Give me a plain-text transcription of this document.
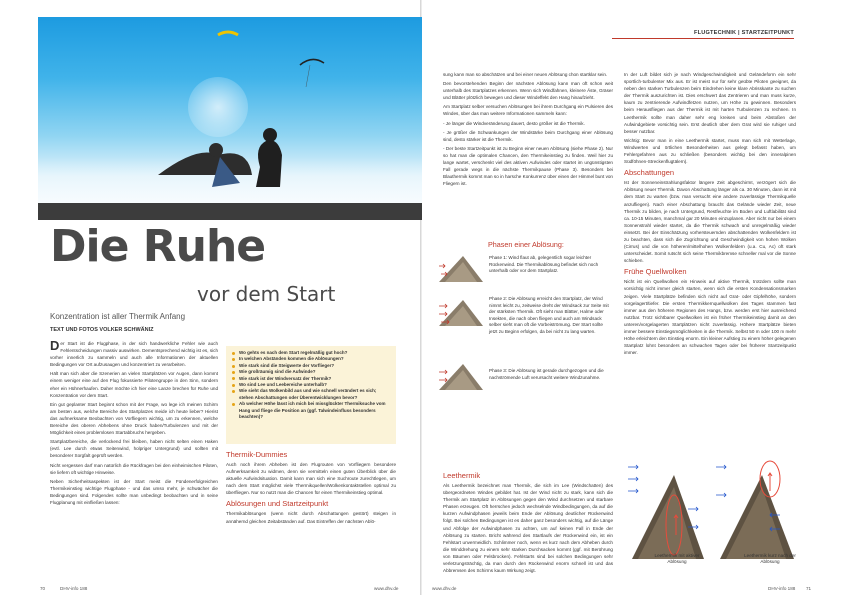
Die Ruhe
vor dem Start
Konzentration ist aller Thermik Anfang
TEXT UND FOTOS VOLKER SCHWÄNIZ

Der Start ist die Flugphase, in der sich handwerkliche Fehler wie auch Fehlentscheidungen massiv auswirken. Dementsprechend wichtig ist es, sich vorher innerlich zu sammeln und auch alle Informationen der aktuellen Bedingungen vor Ort aufzusaugen und konzentriert zu verarbeiten.

Hält man sich aber die Szenerien an vielen Startplätzen vor Augen, dann kommt einem weniger eine auf den Flug fokussierte Pilotengruppe in den Sinn, sondern eher ein Hühnerhaufen. Daher möchte ich hier eine Lanze brechen für Ruhe und Konzentration vor dem Start.

Ein gut geplanter Start beginnt schon mit der Frage, wo lege ich meinen Schirm am besten aus, welche Bereiche des Startplatzes meide ich heute lieber? Hierist das aufmerksame Beobachten von Vorfliegern wichtig, um zu erkennen, welche Bereiche des oberen Abhebens ohne Druck haben/Turbulenzen und mit der Möglichkeit eines problemlosen Startabbruchs hergeben.

Startplatzbereiche, die verlockend frei bleiben, haben nicht selten einen Haken (evtl. Lee durch etwas Seitenwind, holpriger Untergrund) und sollten mit besonderer Sorgfalt geprüft werden.

Nicht vergessen darf man natürlich die Rückfragen bei den einheimischen Piloten, sie liefern oft wichtige Hinweise.

Neben Sicherheitsaspekten ist der Start meist die Fündenerfolgreichen Thermikeinstieg wichtige Flugphase - und das umso mehr, je schwächer die Bedingungen sind. Folgendes sollte man unbedingt beobachten und in seine Flugplanung mit einfließen lassen:

Wo gehts es nach dem Start regelmäßig gut hoch?
In welchen Abständen kommen die Ablösungen?
Wie stark sind die Steigwerte der Vorflieger?
Wie großräumig sind die Aufwinde?
Wie stark ist der Windversatz der Thermik?
Wo sind Lee und Leebereiche unterhalb?
Wie sieht das Wolkenbild aus und wie schnell verändert es sich; stehen Abschattungen oder Überentwicklungen bevor?
Ab welcher Höhe lässt ich mich bei missglückter Thermiksuche vom Hang und fliege die Position an (ggf. Talwindeinfluss besonders beachten)?
Thermik-Dummies

Auch noch ihrem Abheben ist den Flugrouten von Vorfliegern besondere Aufmerksamkeit zu widmen, denn sie vermitteln einen guten Überblick über die aktuelle Aufwindsituation. Damit kann man sich eine Suchroute zurechtlegen, um nach dem Start möglichst viele Thermikquellen/Wolkenkontaktstellen optimal zu überfliegen. Nur so nutzt man die Chancen für einen Thermikeinstieg optimal.

Ablösungen und Startzeitpunkt

Thermikablösungen (wenn nicht durch Abschattungen gestört) steigen in annähernd gleichen Zeitabständen auf. Das Eintreffen der nächsten Ablö-

sung kann man so abschätzen und bei einer neuen Ablösung chon startklar sein.

Den bevorstehenden Beginn der nächsten Ablösung kann man oft schon weit unterhalb des Startplatzes erkennen. Wenn sich Windfahnen, kleinere Äste, Gräser und Blätter plötzlich bewegen und dieser Windeffekt den Hang hinaufzieht.

Am Startplatz selber versuchen Ablösungen bei ihrem Durchgang ein Pulsieren des Windes, über das man weitere Informationen sammeln kann:

- Je länger die Windveränderung dauert, desto größer ist die Thermik.

- Je größer die Schwankungen der Windstärke beim Durchgang einer Ablösung sind, desto stärker ist die Thermik.

- Der beste Startzeitpunkt ist zu Beginn einer neuen Ablösung (siehe Phase 2). Nur so hat man die optimalen Chancen, den Thermikeinstieg zu finden. Weil hier zu lange wartet, verschenkt viel des aktiven Aufwindes oder startet im ungünstigsten Fall gerade wegs in die nächste Thermikpause (Phase 3). Besonders bei Blauthermik kommt man so in harsche Konkurrenz über einen der Himmel bunt von Fliegern ist.

Phasen einer Ablösung:
Phase 1: Wind flaut ab, gelegentlich sogar leichter Rückenwind. Die Thermikablösung befindet sich noch unterhalb oder vor dem Startplatz.
Phase 2: Die Ablösung erreicht den Startplatz, der Wind nimmt leicht zu, zeitweise dreht der Windsack zur Seite mit der stärksten Thermik. Oft sieht man Blätter, Halme oder Insekten, die nach oben fliegen und auch am Windsack selber sieht man oft die Vorbeiströmung. Der Start sollte jetzt zu Beginn erfolgen, da bei nicht zu lang warten.
Phase 3: Die Ablösung ist gerade durchgezogen und die nachströmende Luft verursacht weitere Windzunahme.
Leethermik

Als Leethermik bezeichnet man Thermik, die sich im Lee (Windschatten) des übergeordneten Windes gebildet hat. Ist der Wind nicht zu stark, kann sich die Thermik am Startplatz im Ablösungen gegen den Wind durchsetzen und starbare Phasen erzeugen. Oft herrschen jedoch wechselnde Windbedingungen, da auf die kurzen Aufwindphasen jeweils beim Ende der Ablösung deutlicher Rückenwind folgt. Bei solchen Bedingungen ist es daher ganz besonders wichtig, auf die Länge und Abfolge der Aufwindphasen zu achten, um auf keinen Fall in Ende der Ablösung zu starten. Bricht während des Startlaufs der Rückenwind ein, ist ein Fehlstart unvermeidlich. Schlimmer noch, wenn es kurz nach dem Abheben durch die Winddrehung zu einem sehr starken Durchsacken kommt (ggf. mit Berührung von Bäumen oder Felsbrocken). Fehlstarts sind bei solchen Bedingungen sehr verletzungsträchtig, da man durch den Rückenwind enorm schnell ist und das Abbremsen des Schirms kaum Wirkung zeigt.

FLUGTECHNIK | STARTZEITPUNKT

In der Luft bildet sich je nach Windgeschwindigkeit und Geländeform ein sehr sportlich-turbulenter Mix aus. Er ist meist nur für sehr geübte Piloten geeignet, da neben den starken Turbulenzen beim Eindrehen keine klare Abrisskante zu suchen der Thermik auszurichten ist. Dies erschwert das Zentrieren und man muss kurze, kaum zu zentrierende Aufwindfetzen nutzen, um Höhe zu gewinnen. Besonders beim Herausfliegen aus der Thermik ist mit harten Turbulenzen zu rechnen. In Leethermik sollte man daher sehr eng kreisen und beim Abstoßen der Aufwindgebiete vorsichtig sein. Erst deutlich über dem Grat wird sie ruhiger und besser nutzbar.

Wichtig: Bevor man in eine Leethermik startet, muss man sich mit Wetterlage, Windwerten und örtlichen Besonderheiten aus gelegt befasst haben, um Fehlergefahren aus zu schließen (besonders wichtig bei den inneralpinen Südföhnen-Streckenflugtälern).

Abschattungen

Ist der Sonneneinstrahlungsfaktor längere Zeit abgeschirmt, verzögert sich die Ablösung neuer Thermik. Davon Abschattung länger als ca. 30 Minuten, dann ist mit dem Start zu warten (bzw. man versucht eine andere zuverlässige Thermikquelle anzufliegen). Nach einer Abschattung braucht das Gelände wieder Zeit, neue Thermik zu bilden, je nach Untergrund, Restfeuchte im Boden und Luftlabilität sind ca. 10-15 Minuten, manchmal gar 20 Minuten einzuplanen. Aber nicht nur bei einem Sonnenstrahl wieder startet, da die Thermik schwach und unregelmäßig wieder einsetzt. Bei der Einschätzung vorhersteuernden abschattenden Wolkenfeldern ist zu beachten, dass sich die Zugrichtung und Geschwindigkeit von hohen Wolken (Cirrus) und die von höheren/mittelhohen Wolkenfeldern (u.a. Cu, Ac) oft stark unterscheidet. Somit rutscht sich seine Thermikbremse schneller mal vor die Sonne schieben.

Frühe Quellwolken

Nicht ist ein Quellwolken ein Hinweis auf aktive Thermik, trotzdem sollte man vorsichtig nicht immer gleich starten, wenn sich die ersten Kondensationsmarken zeigen. Viele Startplätze befinden sich nicht auf Grat- oder Gipfelhöhe, sondern vorgelagert/tiefer. Die ersten Thermikkernquellwolken des Tages stammen fast immer aus den höheren Regionen des Hangs, bzw. werden erst hier ausreichend nutzbar. Trotz sichtbarer Quellwolken ist ein früher Thermikeinstieg damit an den unteren/vorgelagerten Startplätzen nicht zuverlässig. Höhere Startplätze bieten immer bessere Einstiegsmöglichkeiten in die Thermik. Selbst 50 m oder 100 m mehr Höhe erleichtern den Einstieg enorm. Ein kleiner Aufstieg zu einem höher gelegenen Startplatz lohnt besonders an schwachen Tagen oder bei früherer Startzeitpunkt immer.

Leethermik mit aktiver Ablösung
Leethermik kurz nach der Ablösung
70	DHV-info 188	www.dhv.de	www.dhv.de	DHV-info 188 71
